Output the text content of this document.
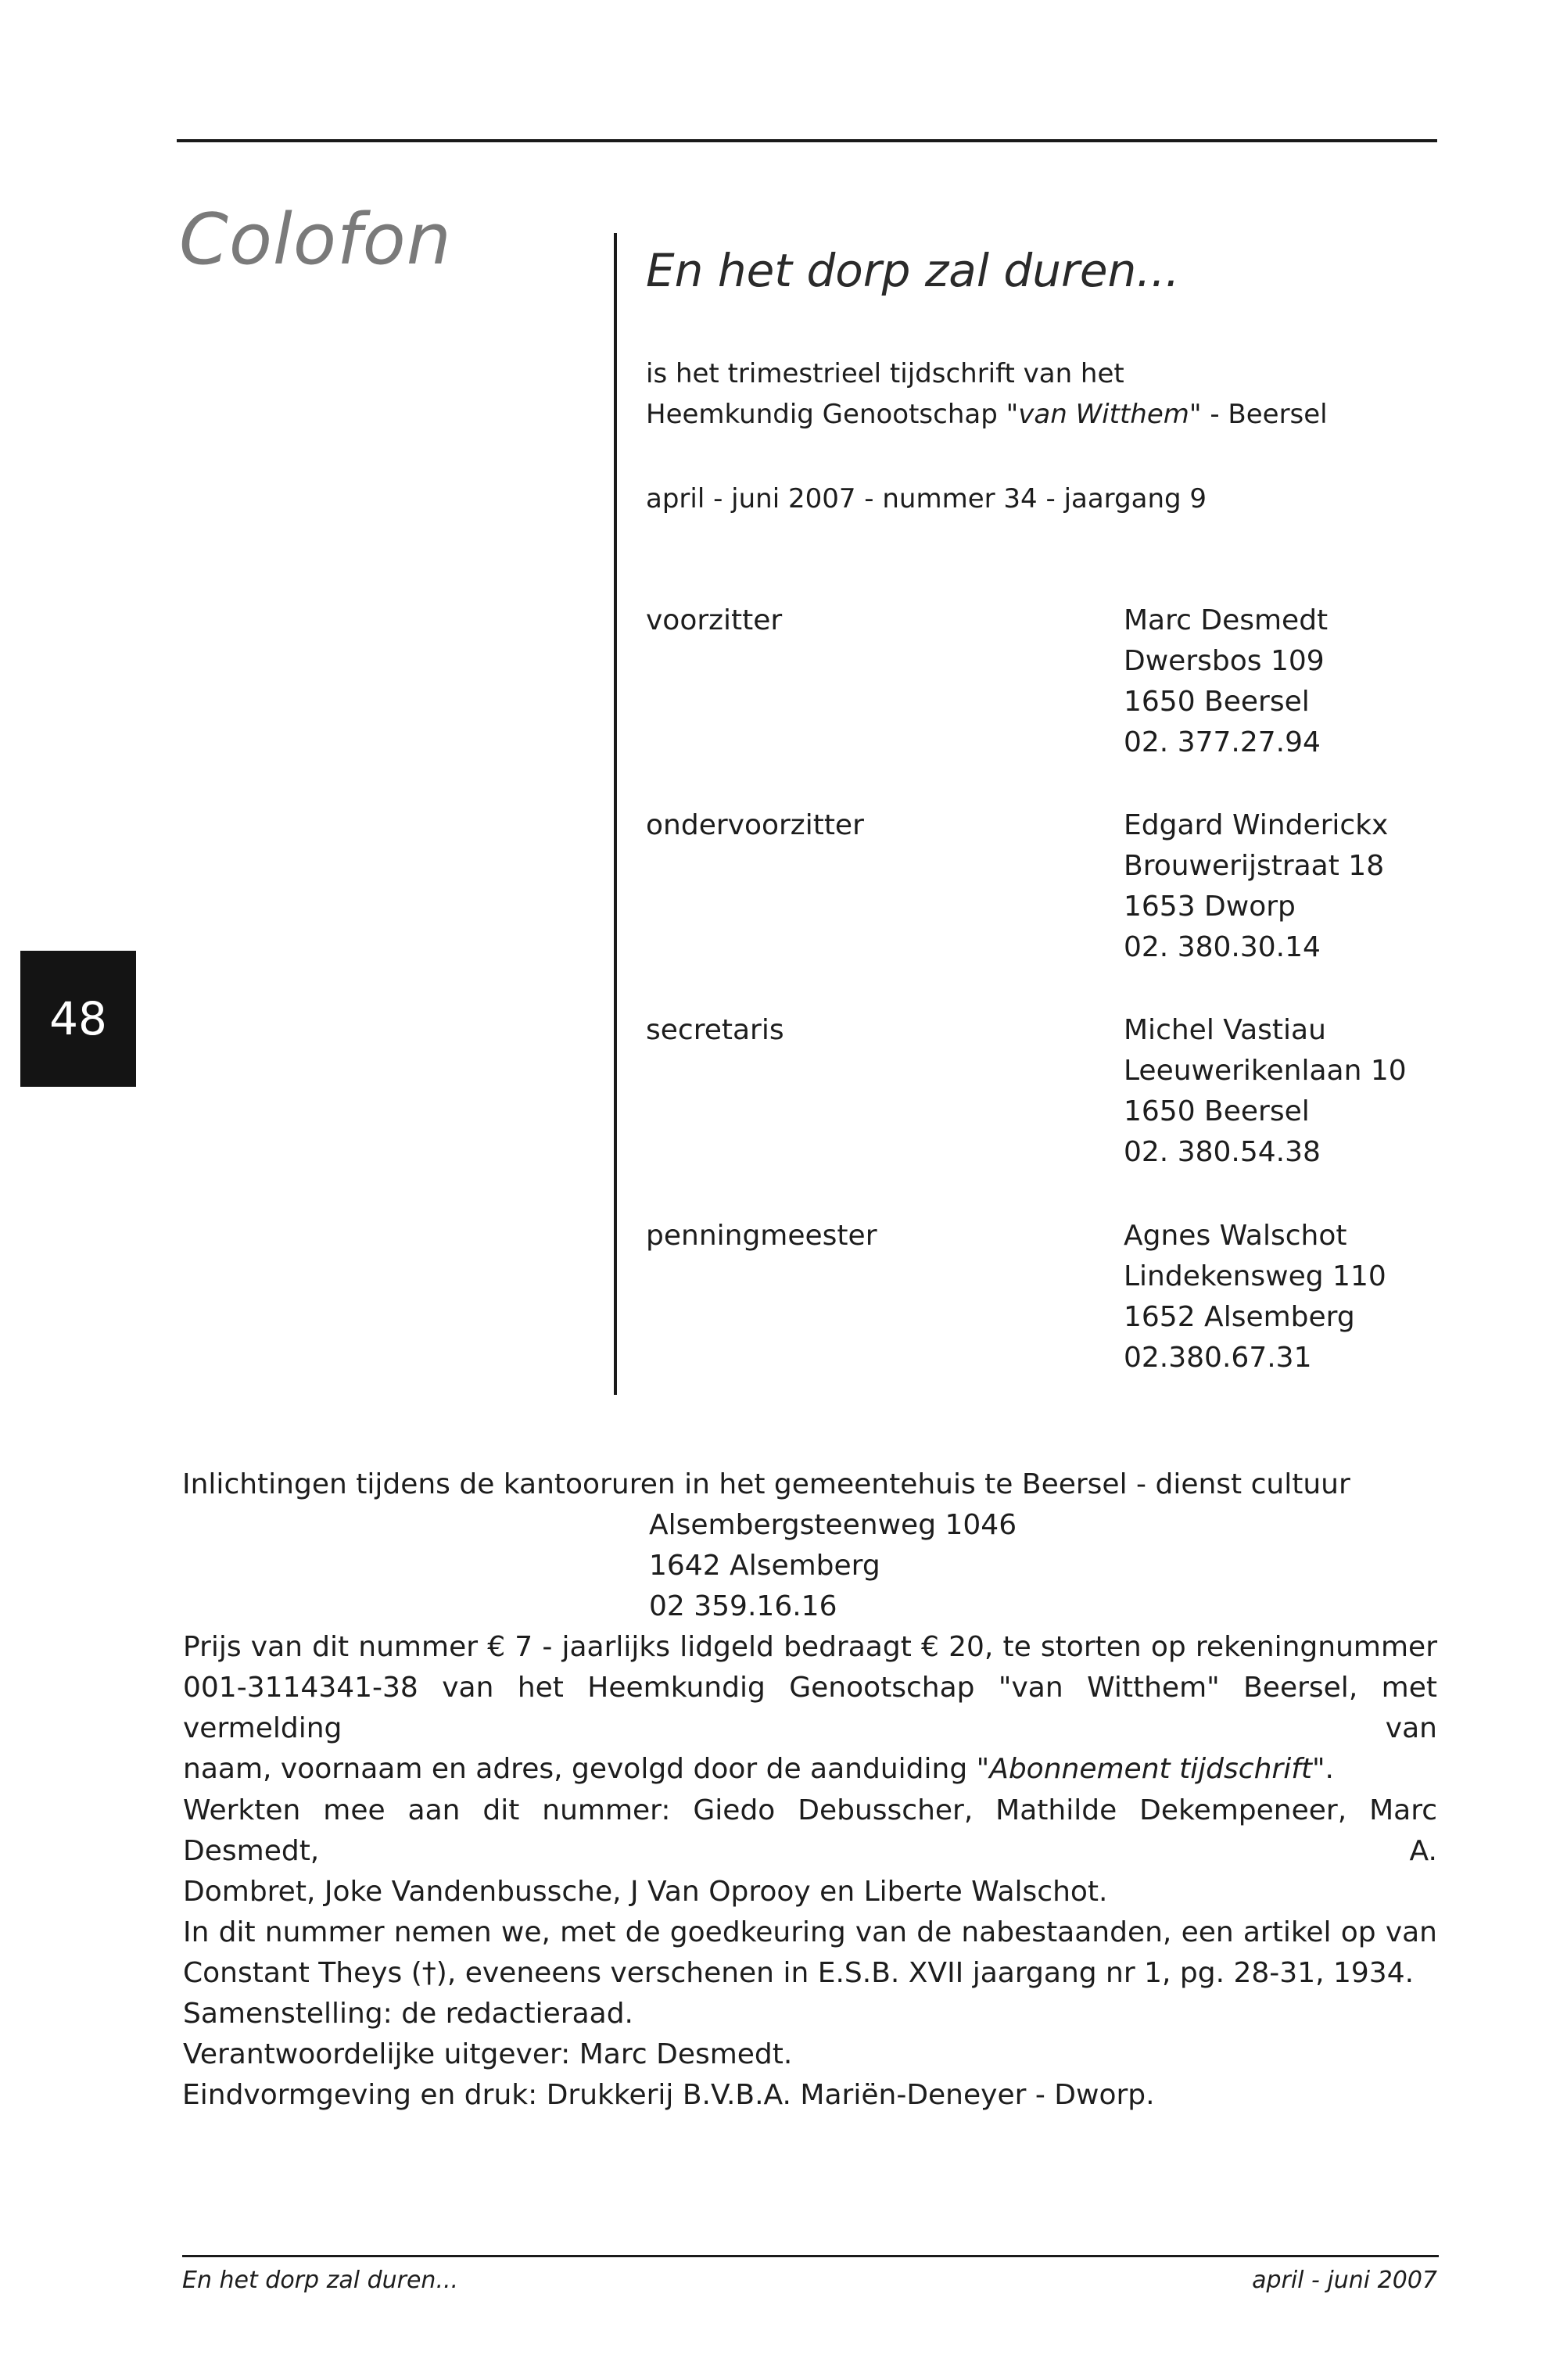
Colofon	En het dorp zal duren...

is het trimestrieel tijdschrift van het

Heemkundig Genootschap "van Witthem" - Beersel

april - juni 2007 - nummer 34 - jaargang 9

48

voorzitter	Marc Desmedt
Dwersbos 109
1650 Beersel
02. 377.27.94

ondervoorzitter	Edgard Winderickx
Brouwerijstraat 18
1653 Dworp
02. 380.30.14

secretaris	Michel Vastiau
Leeuwerikenlaan 10
1650 Beersel
02. 380.54.38

penningmeester	Agnes Walschot
Lindekensweg 110
1652 Alsemberg
02.380.67.31

Inlichtingen tijdens de kantooruren in het gemeentehuis te Beersel - dienst cultuur

Alsembergsteenweg 1046

1642 Alsemberg

02 359.16.16

Prijs van dit nummer € 7 - jaarlijks lidgeld bedraagt € 20, te storten op rekeningnummer
001-3114341-38 van het Heemkundig Genootschap "van Witthem" Beersel, met vermelding van
naam, voornaam en adres, gevolgd door de aanduiding "Abonnement tijdschrift".
Werkten mee aan dit nummer: Giedo Debusscher, Mathilde Dekempeneer, Marc Desmedt, A.
Dombret, Joke Vandenbussche, J Van Oprooy en Liberte Walschot.
In dit nummer nemen we, met de goedkeuring van de nabestaanden, een artikel op van
Constant Theys (†), eveneens verschenen in E.S.B. XVII jaargang nr 1, pg. 28-31, 1934.
Samenstelling: de redactieraad.
Verantwoordelijke uitgever: Marc Desmedt.

Eindvormgeving en druk: Drukkerij B.V.B.A. Mariën-Deneyer - Dworp.

En het dorp zal duren...	april - juni 2007
